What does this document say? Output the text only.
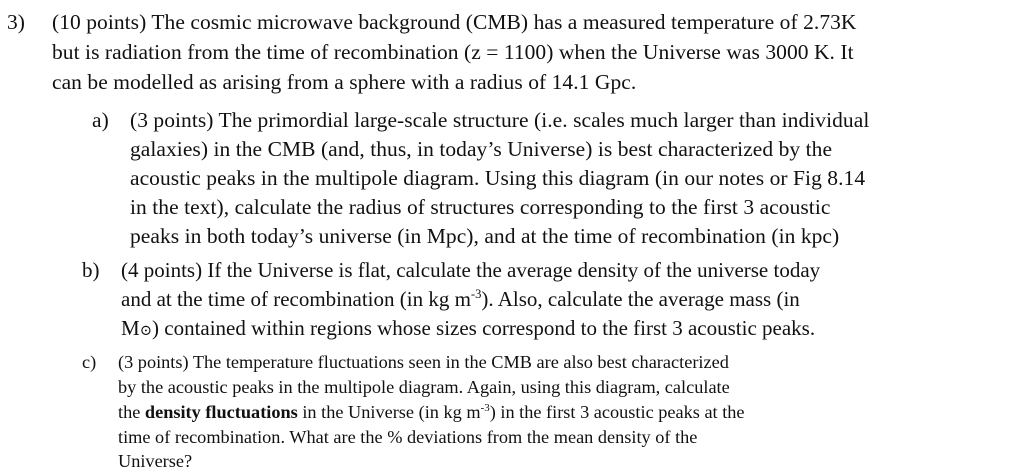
3) (10 points) The cosmic microwave background (CMB) has a measured temperature of 2.73K
but is radiation from the time of recombination (z = 1100) when the Universe was 3000 K. It
can be modelled as arising from a sphere with a radius of 14.1 Gpc.
a) (3 points) The primordial large-scale structure (i.e. scales much larger than individual
galaxies) in the CMB (and, thus, in today’s Universe) is best characterized by the
acoustic peaks in the multipole diagram. Using this diagram (in our notes or Fig 8.14
in the text), calculate the radius of structures corresponding to the first 3 acoustic
peaks in both today’s universe (in Mpc), and at the time of recombination (in kpc)
b) (4 points) If the Universe is flat, calculate the average density of the universe today
and at the time of recombination (in kg $m^{-3}$). Also, calculate the average mass (in
M⊙) contained within regions whose sizes correspond to the first 3 acoustic peaks.
c) (3 points) The temperature fluctuations seen in the CMB are also best characterized
by the acoustic peaks in the multipole diagram. Again, using this diagram, calculate
the density fluctuations in the Universe (in kg $m^{-3}$) in the first 3 acoustic peaks at the
time of recombination. What are the % deviations from the mean density of the
Universe?
